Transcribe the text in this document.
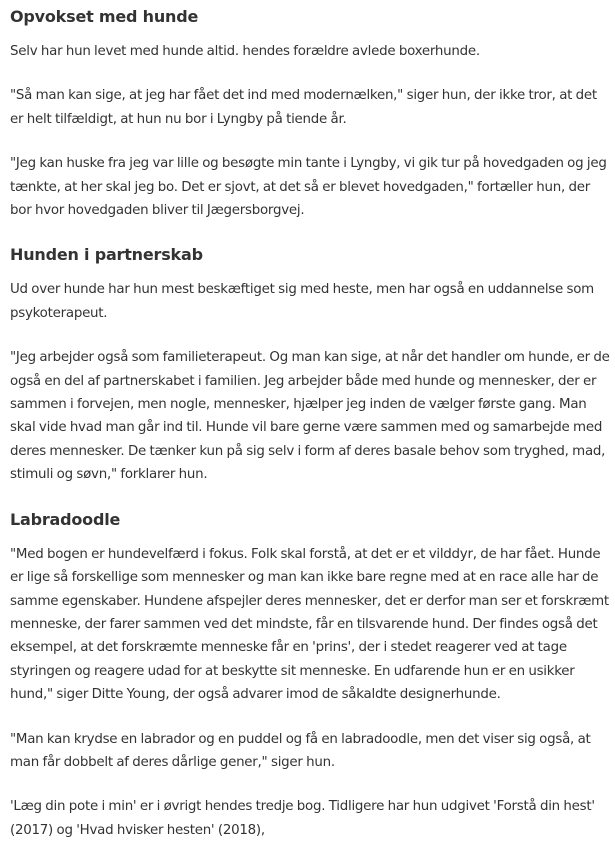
Opvokset med hunde

Selv har hun levet med hunde altid. hendes forældre avlede boxerhunde.

"Så man kan sige, at jeg har fået det ind med modernælken," siger hun, der ikke tror, at det er helt tilfældigt, at hun nu bor i Lyngby på tiende år.

"Jeg kan huske fra jeg var lille og besøgte min tante i Lyngby, vi gik tur på hovedgaden og jeg tænkte, at her skal jeg bo. Det er sjovt, at det så er blevet hovedgaden," fortæller hun, der bor hvor hovedgaden bliver til Jægersborgvej.

Hunden i partnerskab

Ud over hunde har hun mest beskæftiget sig med heste, men har også en uddannelse som psykoterapeut.

"Jeg arbejder også som familieterapeut. Og man kan sige, at når det handler om hunde, er de også en del af partnerskabet i familien. Jeg arbejder både med hunde og mennesker, der er sammen i forvejen, men nogle, mennesker, hjælper jeg inden de vælger første gang. Man skal vide hvad man går ind til. Hunde vil bare gerne være sammen med og samarbejde med deres mennesker. De tænker kun på sig selv i form af deres basale behov som tryghed, mad, stimuli og søvn," forklarer hun.

Labradoodle

"Med bogen er hundevelfærd i fokus. Folk skal forstå, at det er et vilddyr, de har fået. Hunde er lige så forskellige som mennesker og man kan ikke bare regne med at en race alle har de samme egenskaber. Hundene afspejler deres mennesker, det er derfor man ser et forskræmt menneske, der farer sammen ved det mindste, får en tilsvarende hund. Der findes også det eksempel, at det forskræmte menneske får en 'prins', der i stedet reagerer ved at tage styringen og reagere udad for at beskytte sit menneske. En udfarende hun er en usikker hund," siger Ditte Young, der også advarer imod de såkaldte designerhunde.

"Man kan krydse en labrador og en puddel og få en labradoodle, men det viser sig også, at man får dobbelt af deres dårlige gener," siger hun.

'Læg din pote i min' er i øvrigt hendes tredje bog. Tidligere har hun udgivet 'Forstå din hest' (2017) og 'Hvad hvisker hesten' (2018),
